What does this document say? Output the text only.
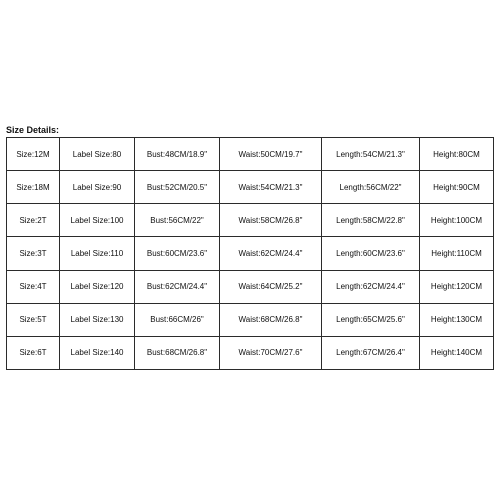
Size Details:
Size:12M	Label Size:80	Bust:48CM/18.9"	Waist:50CM/19.7"	Length:54CM/21.3"	Height:80CM
Size:18M	Label Size:90	Bust:52CM/20.5"	Waist:54CM/21.3"	Length:56CM/22"	Height:90CM
Size:2T	Label Size:100	Bust:56CM/22"	Waist:58CM/26.8"	Length:58CM/22.8"	Height:100CM
Size:3T	Label Size:110	Bust:60CM/23.6"	Waist:62CM/24.4"	Length:60CM/23.6"	Height:110CM
Size:4T	Label Size:120	Bust:62CM/24.4"	Waist:64CM/25.2"	Length:62CM/24.4"	Height:120CM
Size:5T	Label Size:130	Bust:66CM/26"	Waist:68CM/26.8"	Length:65CM/25.6"	Height:130CM
Size:6T	Label Size:140	Bust:68CM/26.8"	Waist:70CM/27.6"	Length:67CM/26.4"	Height:140CM
